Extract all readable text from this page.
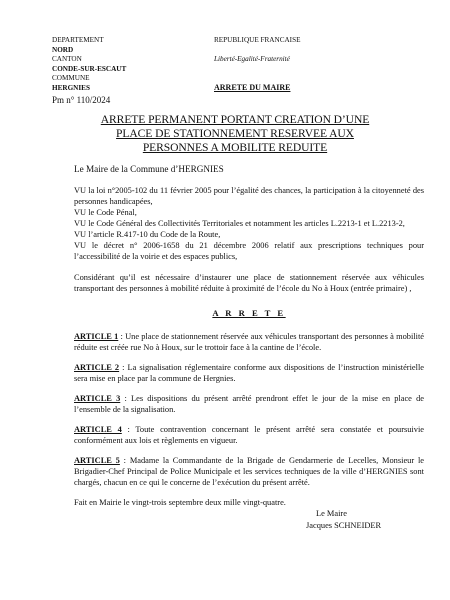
DEPARTEMENT
NORD
CANTON
CONDE-SUR-ESCAUT
COMMUNE
HERGNIES
Pm n° 110/2024
REPUBLIQUE FRANCAISE
Liberté-Egalité-Fraternité
ARRETE DU MAIRE
ARRETE PERMANENT PORTANT CREATION D’UNE
PLACE DE STATIONNEMENT RESERVEE AUX
PERSONNES A MOBILITE REDUITE

Le Maire de la Commune d’HERGNIES

VU la loi n°2005-102 du 11 février 2005 pour l’égalité des chances, la participation à la citoyenneté des personnes handicapées,

VU le Code Pénal,

VU le Code Général des Collectivités Territoriales et notamment les articles L.2213-1 et L.2213-2,

VU l’article R.417-10 du Code de la Route,

VU le décret n° 2006-1658 du 21 décembre 2006 relatif aux prescriptions techniques pour l’accessibilité de la voirie et des espaces publics,

Considérant qu’il est nécessaire d’instaurer une place de stationnement réservée aux véhicules transportant des personnes à mobilité réduite à proximité de l’école du No à Houx (entrée primaire) ,

A R R E T E

ARTICLE 1 : Une place de stationnement réservée aux véhicules transportant des personnes à mobilité réduite est créée rue No à Houx, sur le trottoir face à la cantine de l’école.

ARTICLE 2 : La signalisation réglementaire conforme aux dispositions de l’instruction ministérielle sera mise en place par la commune de Hergnies.

ARTICLE 3 : Les dispositions du présent arrêté prendront effet le jour de la mise en place de l’ensemble de la signalisation.

ARTICLE 4 : Toute contravention concernant le présent arrêté sera constatée et poursuivie conformément aux lois et règlements en vigueur.

ARTICLE 5 : Madame la Commandante de la Brigade de Gendarmerie de Lecelles, Monsieur le Brigadier-Chef Principal de Police Municipale et les services techniques de la ville d’HERGNIES sont chargés, chacun en ce qui le concerne de l’exécution du présent arrêté.

Fait en Mairie le vingt-trois septembre deux mille vingt-quatre.

Le Maire
Jacques SCHNEIDER
